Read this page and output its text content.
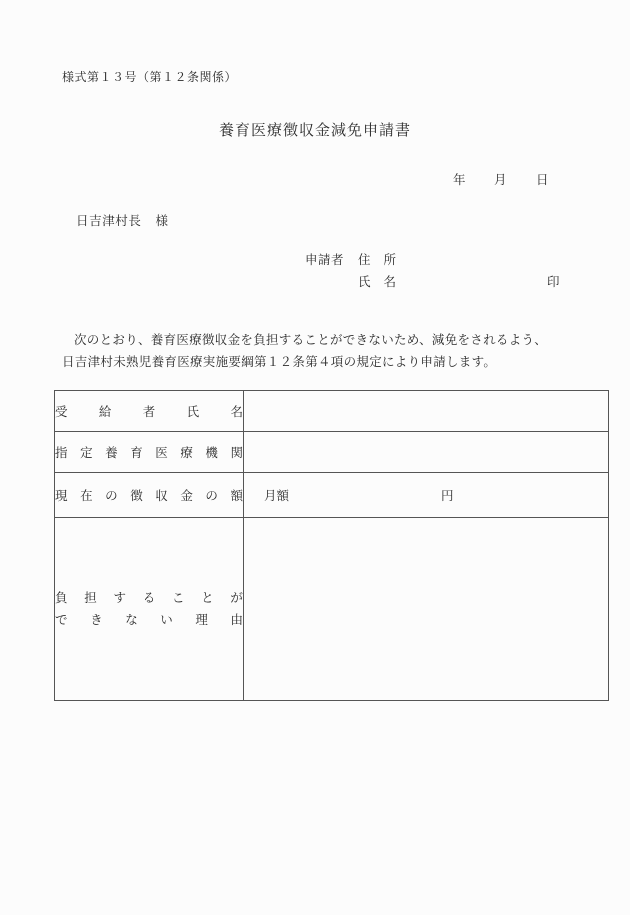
様式第１３号（第１２条関係）
養育医療徴収金減免申請書
年 月 日
日吉津村長 様
申請者 住 所
氏 名	印
次のとおり、養育医療徴収金を負担することができないため、減免をされるよう、
日吉津村未熟児養育医療実施要綱第１２条第４項の規定により申請します。
受 給 者 氏 名	

指 定 養 育 医 療 機 関

現 在 の 徴 収 金 の 額	月額	円

負 担 す る こ と が
で き な い 理 由
